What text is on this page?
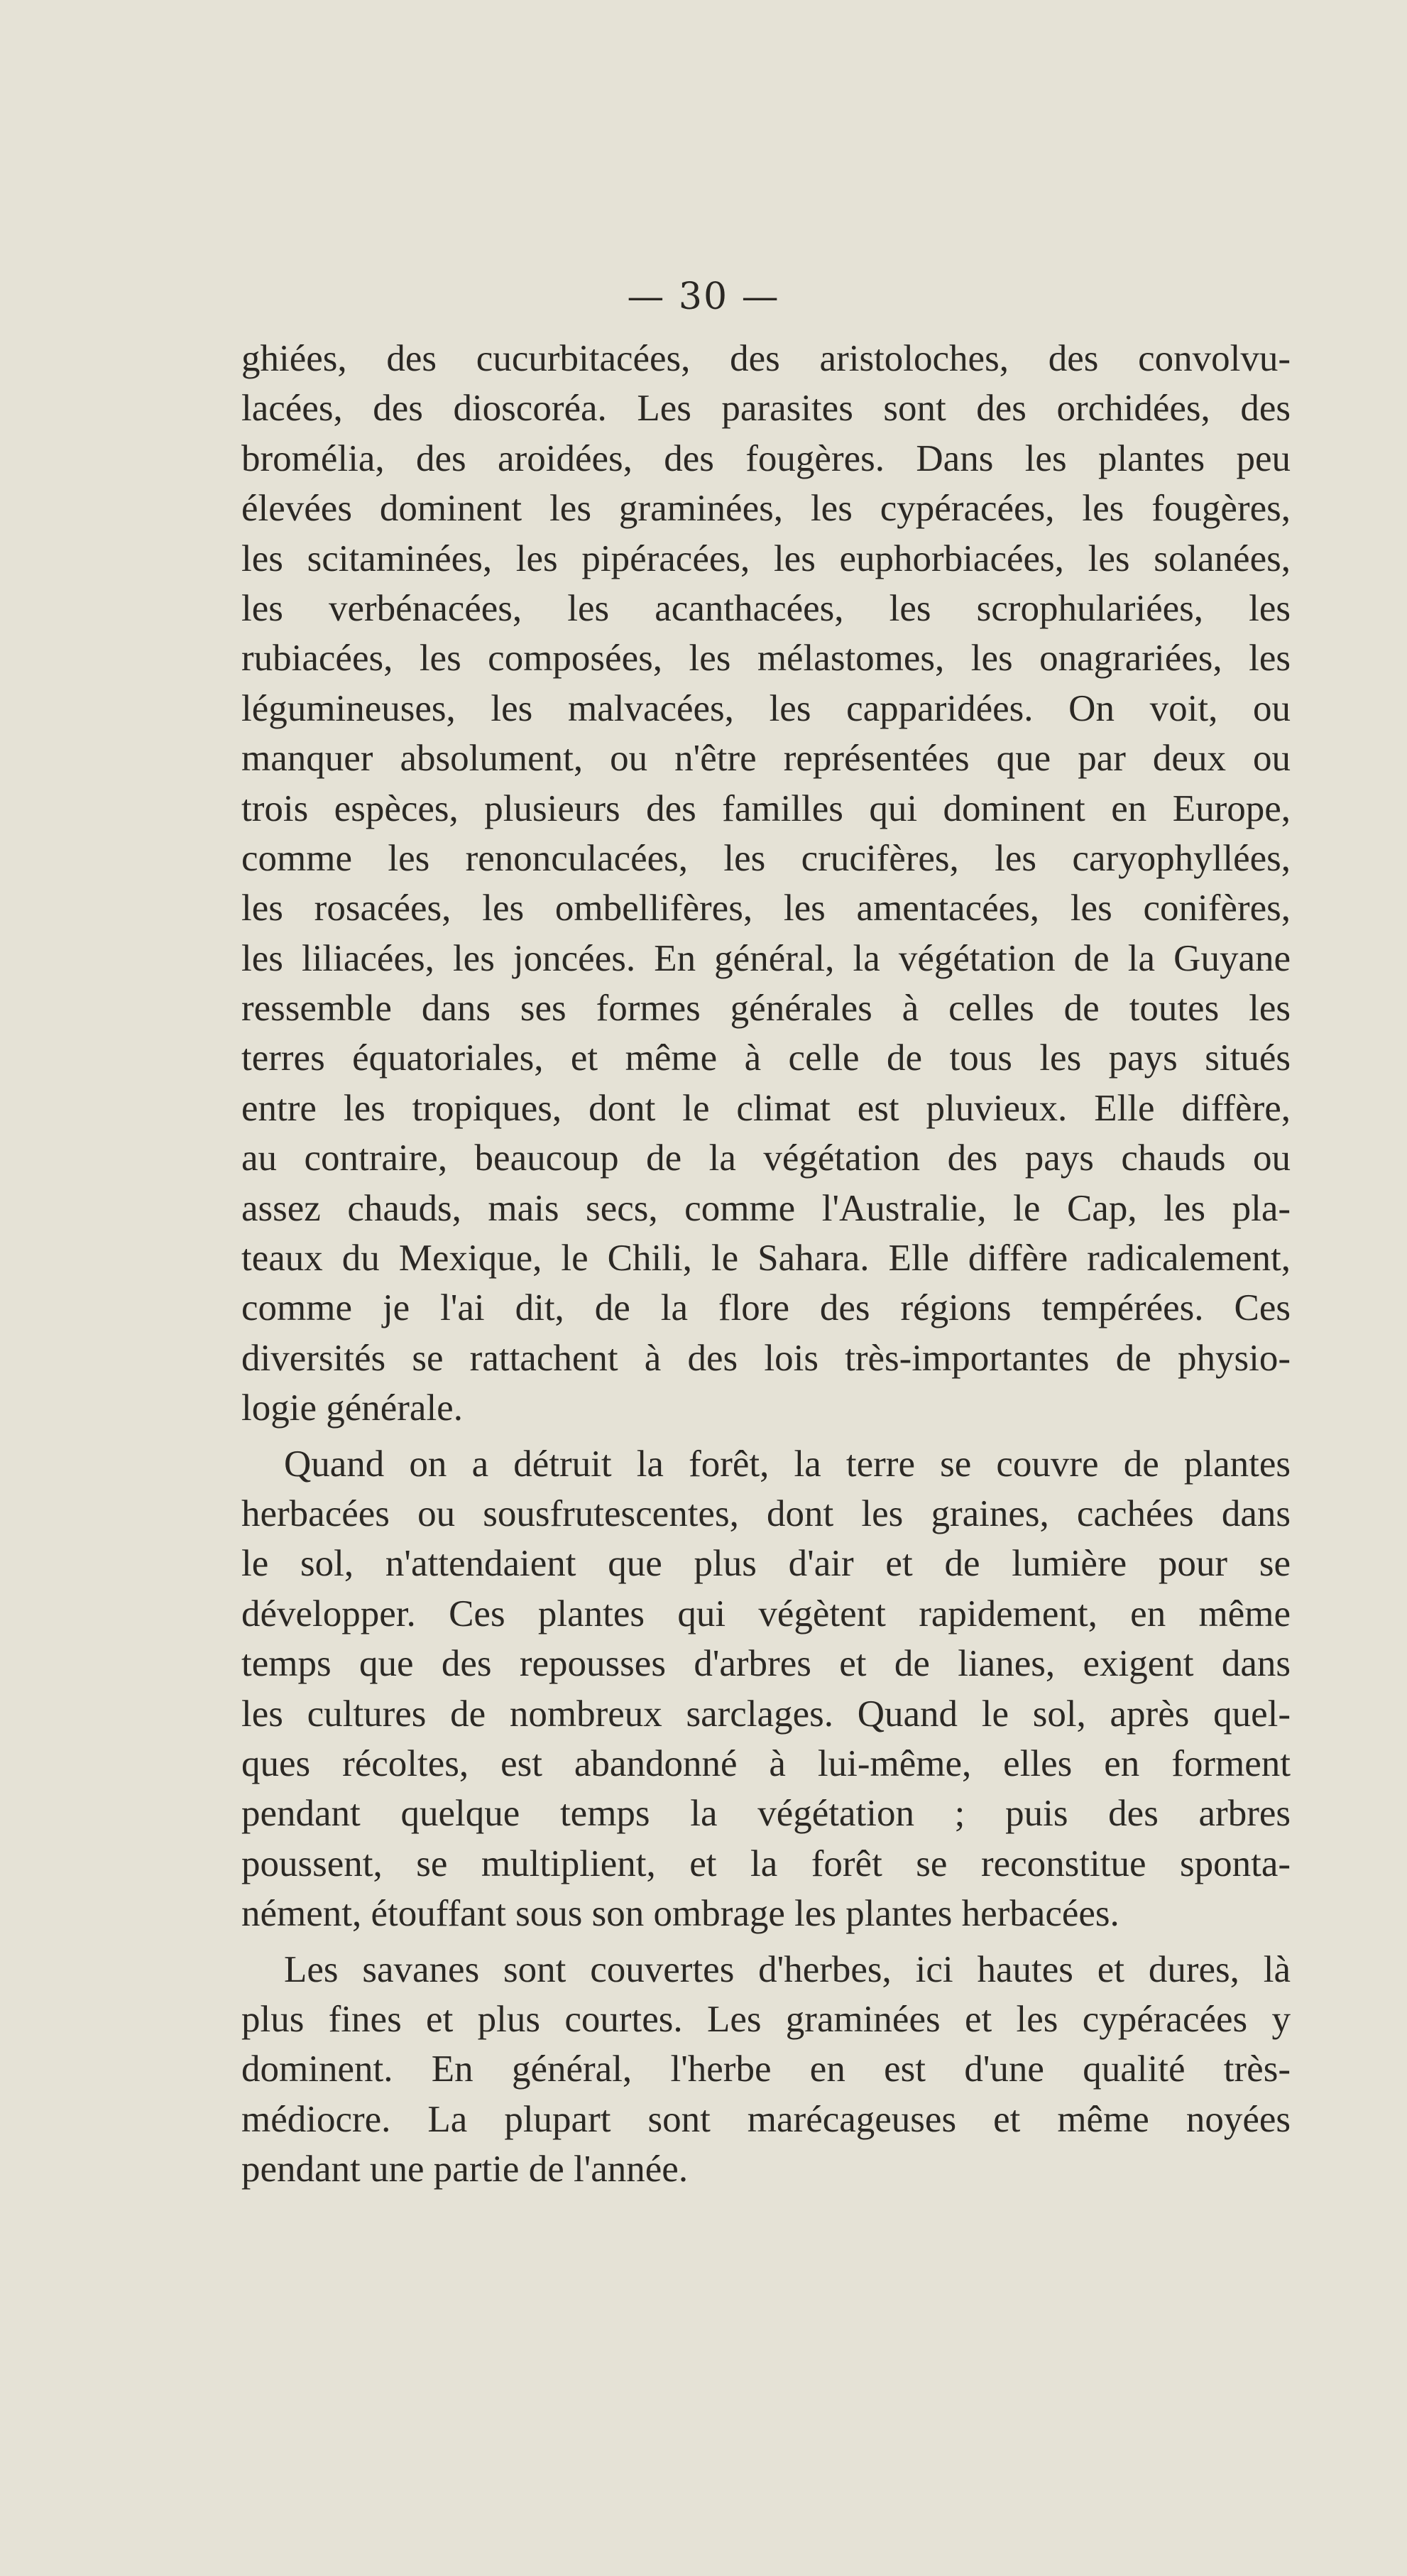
— 30 —
ghiées, des cucurbitacées, des aristoloches, des convolvu-
lacées, des dioscoréa. Les parasites sont des orchidées, des
bromélia, des aroidées, des fougères. Dans les plantes peu
élevées dominent les graminées, les cypéracées, les fougères,
les scitaminées, les pipéracées, les euphorbiacées, les solanées,
les verbénacées, les acanthacées, les scrophulariées, les
rubiacées, les composées, les mélastomes, les onagrariées, les
légumineuses, les malvacées, les capparidées. On voit, ou
manquer absolument, ou n'être représentées que par deux ou
trois espèces, plusieurs des familles qui dominent en Europe,
comme les renonculacées, les crucifères, les caryophyllées,
les rosacées, les ombellifères, les amentacées, les conifères,
les liliacées, les joncées. En général, la végétation de la Guyane
ressemble dans ses formes générales à celles de toutes les
terres équatoriales, et même à celle de tous les pays situés
entre les tropiques, dont le climat est pluvieux. Elle diffère,
au contraire, beaucoup de la végétation des pays chauds ou
assez chauds, mais secs, comme l'Australie, le Cap, les pla-
teaux du Mexique, le Chili, le Sahara. Elle diffère radicalement,
comme je l'ai dit, de la flore des régions tempérées. Ces
diversités se rattachent à des lois très-importantes de physio-
logie générale.
Quand on a détruit la forêt, la terre se couvre de plantes
herbacées ou sousfrutescentes, dont les graines, cachées dans
le sol, n'attendaient que plus d'air et de lumière pour se
développer. Ces plantes qui végètent rapidement, en même
temps que des repousses d'arbres et de lianes, exigent dans
les cultures de nombreux sarclages. Quand le sol, après quel-
ques récoltes, est abandonné à lui-même, elles en forment
pendant quelque temps la végétation ; puis des arbres
poussent, se multiplient, et la forêt se reconstitue sponta-
nément, étouffant sous son ombrage les plantes herbacées.
Les savanes sont couvertes d'herbes, ici hautes et dures, là
plus fines et plus courtes. Les graminées et les cypéracées y
dominent. En général, l'herbe en est d'une qualité très-
médiocre. La plupart sont marécageuses et même noyées
pendant une partie de l'année.
